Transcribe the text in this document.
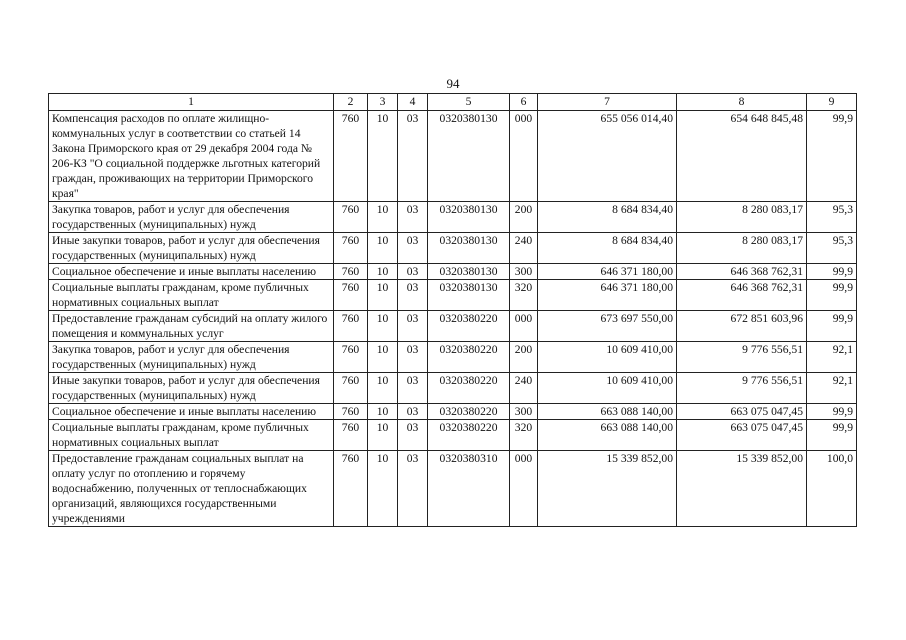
94
1	2	3	4	5	6	7	8	9
Компенсация расходов по оплате жилищно-коммунальных услуг в соответствии со статьей 14 Закона Приморского края от 29 декабря 2004 года № 206-КЗ "О социальной поддержке льготных категорий граждан, проживающих на территории Приморского края"	760	10	03	0320380130	000	655 056 014,40	654 648 845,48	99,9
Закупка товаров, работ и услуг для обеспечения государственных (муниципальных) нужд	760	10	03	0320380130	200	8 684 834,40	8 280 083,17	95,3
Иные закупки товаров, работ и услуг для обеспечения государственных (муниципальных) нужд	760	10	03	0320380130	240	8 684 834,40	8 280 083,17	95,3
Социальное обеспечение и иные выплаты населению	760	10	03	0320380130	300	646 371 180,00	646 368 762,31	99,9
Социальные выплаты гражданам, кроме публичных нормативных социальных выплат	760	10	03	0320380130	320	646 371 180,00	646 368 762,31	99,9
Предоставление гражданам субсидий на оплату жилого помещения и коммунальных услуг	760	10	03	0320380220	000	673 697 550,00	672 851 603,96	99,9
Закупка товаров, работ и услуг для обеспечения государственных (муниципальных) нужд	760	10	03	0320380220	200	10 609 410,00	9 776 556,51	92,1
Иные закупки товаров, работ и услуг для обеспечения государственных (муниципальных) нужд	760	10	03	0320380220	240	10 609 410,00	9 776 556,51	92,1
Социальное обеспечение и иные выплаты населению	760	10	03	0320380220	300	663 088 140,00	663 075 047,45	99,9
Социальные выплаты гражданам, кроме публичных нормативных социальных выплат	760	10	03	0320380220	320	663 088 140,00	663 075 047,45	99,9
Предоставление гражданам социальных выплат на оплату услуг по отоплению и горячему водоснабжению, полученных от теплоснабжающих организаций, являющихся государственными учреждениями	760	10	03	0320380310	000	15 339 852,00	15 339 852,00	100,0
